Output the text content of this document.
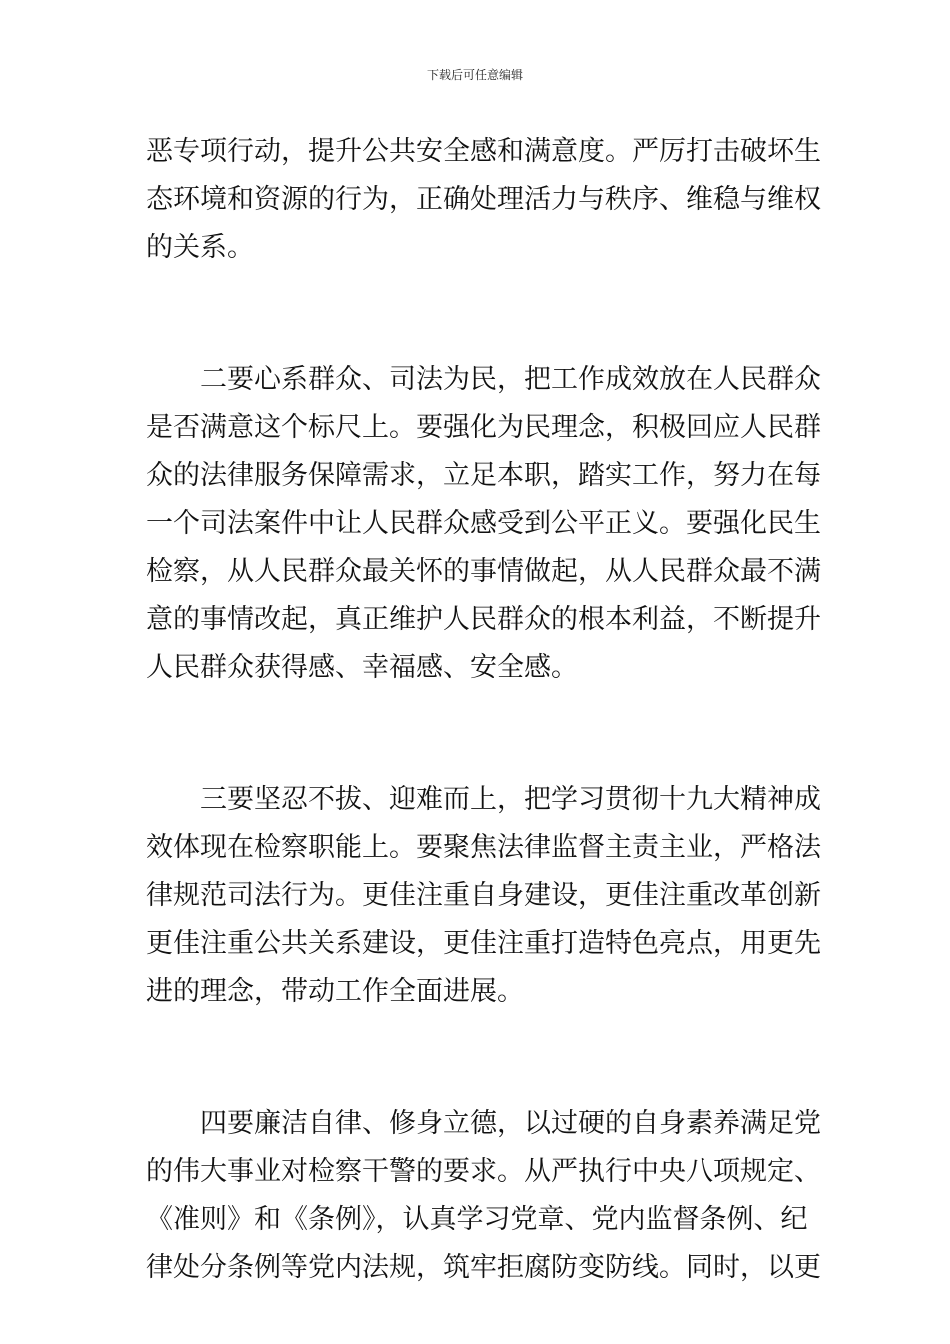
下载后可任意编辑
恶专项行动，提升公共安全感和满意度。严厉打击破坏生
态环境和资源的行为，正确处理活力与秩序、维稳与维权
的关系。
二要心系群众、司法为民，把工作成效放在人民群众
是否满意这个标尺上。要强化为民理念，积极回应人民群
众的法律服务保障需求，立足本职，踏实工作，努力在每
一个司法案件中让人民群众感受到公平正义。要强化民生
检察，从人民群众最关怀的事情做起，从人民群众最不满
意的事情改起，真正维护人民群众的根本利益，不断提升
人民群众获得感、幸福感、安全感。
三要坚忍不拔、迎难而上，把学习贯彻十九大精神成
效体现在检察职能上。要聚焦法律监督主责主业，严格法
律规范司法行为。更佳注重自身建设，更佳注重改革创新
更佳注重公共关系建设，更佳注重打造特色亮点，用更先
进的理念，带动工作全面进展。
四要廉洁自律、修身立德，以过硬的自身素养满足党
的伟大事业对检察干警的要求。从严执行中央八项规定、
《准则》和《条例》，认真学习党章、党内监督条例、纪
律处分条例等党内法规，筑牢拒腐防变防线。同时，以更
